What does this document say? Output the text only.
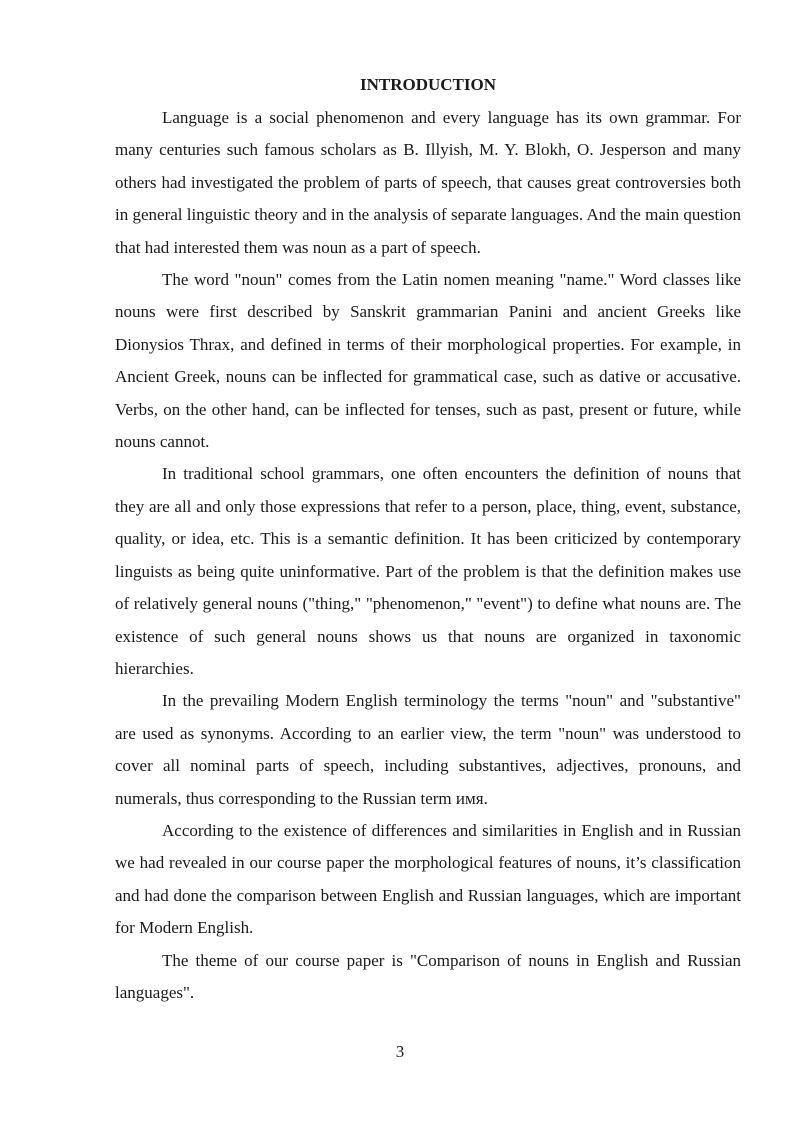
INTRODUCTION

Language is a social phenomenon and every language has its own grammar. For many centuries such famous scholars as B. Illyish, M. Y. Blokh, O. Jesperson and many others had investigated the problem of parts of speech, that causes great controversies both in general linguistic theory and in the analysis of separate languages. And the main question that had interested them was noun as a part of speech.

The word "noun" comes from the Latin nomen meaning "name." Word classes like nouns were first described by Sanskrit grammarian Panini and ancient Greeks like Dionysios Thrax, and defined in terms of their morphological properties. For example, in Ancient Greek, nouns can be inflected for grammatical case, such as dative or accusative. Verbs, on the other hand, can be inflected for tenses, such as past, present or future, while nouns cannot.

In traditional school grammars, one often encounters the definition of nouns that they are all and only those expressions that refer to a person, place, thing, event, substance, quality, or idea, etc. This is a semantic definition. It has been criticized by contemporary linguists as being quite uninformative. Part of the problem is that the definition makes use of relatively general nouns ("thing," "phenomenon," "event") to define what nouns are. The existence of such general nouns shows us that nouns are organized in taxonomic hierarchies.

In the prevailing Modern English terminology the terms "noun" and "substantive" are used as synonyms. According to an earlier view, the term "noun" was understood to cover all nominal parts of speech, including substantives, adjectives, pronouns, and numerals, thus corresponding to the Russian term имя.

According to the existence of differences and similarities in English and in Russian we had revealed in our course paper the morphological features of nouns, it’s classification and had done the comparison between English and Russian languages, which are important for Modern English.

The theme of our course paper is "Comparison of nouns in English and Russian languages".

3
